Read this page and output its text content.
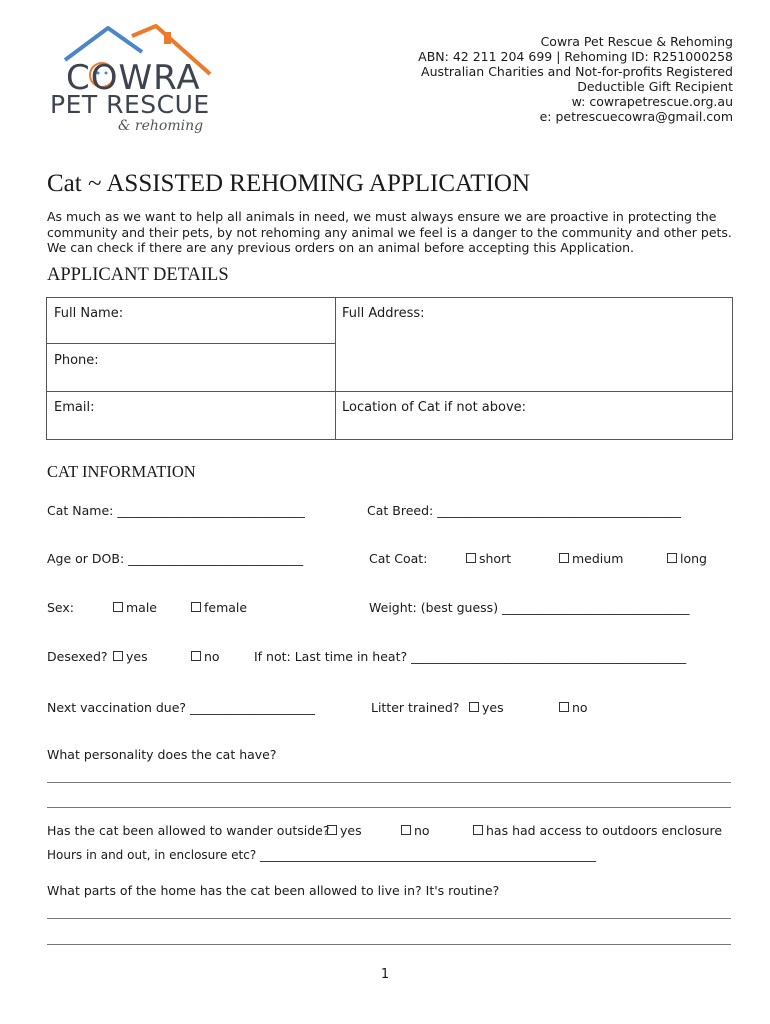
COWRA
PET RESCUE
& rehoming
Cowra Pet Rescue & Rehoming
ABN: 42 211 204 699 | Rehoming ID: R251000258
Australian Charities and Not-for-profits Registered
Deductible Gift Recipient
w: cowrapetrescue.org.au
e: petrescuecowra@gmail.com
Cat ~ ASSISTED REHOMING APPLICATION
As much as we want to help all animals in need, we must always ensure we are proactive in protecting the community and their pets, by not rehoming any animal we feel is a danger to the community and other pets. We can check if there are any previous orders on an animal before accepting this Application.
APPLICANT DETAILS
Full Name:	Full Address:
Phone:
Email:	Location of Cat if not above:
CAT INFORMATION
Cat Name: ______________________________	Cat Breed: _______________________________________
Age or DOB: ____________________________	Cat Coat:	short	medium	long
Sex:	male	female	Weight: (best guess) ______________________________
Desexed?	yes	no	If not: Last time in heat? ____________________________________________
Next vaccination due? ____________________	Litter trained?	yes	no
What personality does the cat have?
Has the cat been allowed to wander outside? yes	no	has had access to outdoors enclosure
Hours in and out, in enclosure etc? ________________________________________________________
What parts of the home has the cat been allowed to live in? It's routine?
1
